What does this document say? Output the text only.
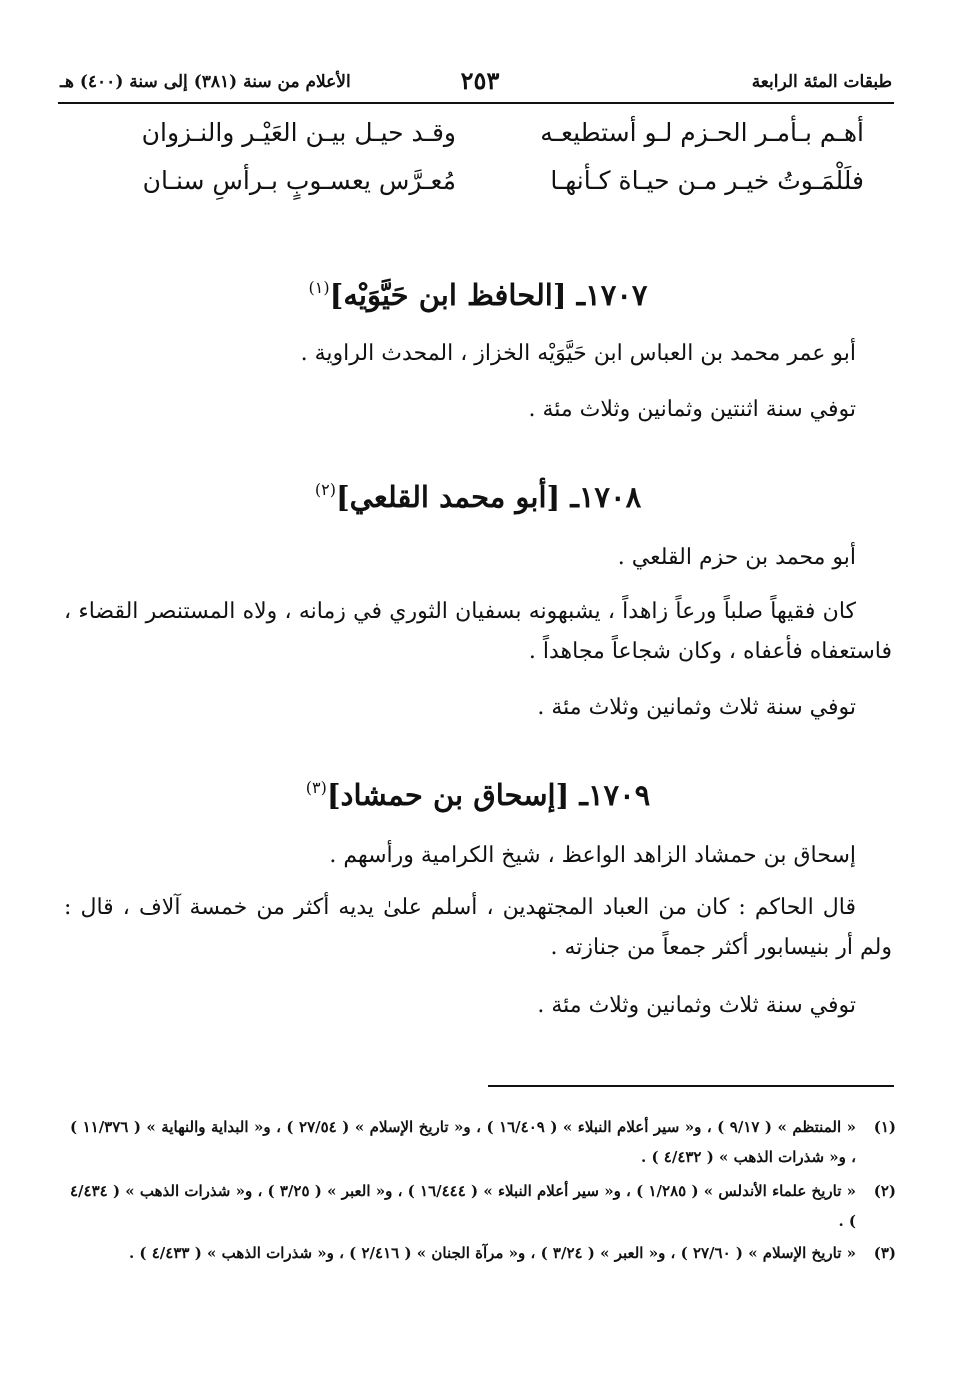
طبقات المئة الرابعة
٢٥٣
الأعلام من سنة (٣٨١) إلى سنة (٤٠٠) هـ
أهـم بـأمـر الحـزم لـو أستطيعـه
وقـد حيـل بيـن العَيْـر والنـزوان
فلَلْمَـوتُ خيـر مـن حيـاة كـأنهـا
مُعـرَّس يعسـوبٍ بـرأسِ سنـان
١٧٠٧ـ [الحافظ ابن حَيَّوَيْه]$^{(١)}$
أبو عمر محمد بن العباس ابن حَيَّوَيْه الخزاز ، المحدث الراوية .
توفي سنة اثنتين وثمانين وثلاث مئة .
١٧٠٨ـ [أبو محمد القلعي]$^{(٢)}$
أبو محمد بن حزم القلعي .
كان فقيهاً صلباً ورعاً زاهداً ، يشبهونه بسفيان الثوري في زمانه ، ولاه المستنصر القضاء ، فاستعفاه فأعفاه ، وكان شجاعاً مجاهداً .
توفي سنة ثلاث وثمانين وثلاث مئة .
١٧٠٩ـ [إسحاق بن حمشاد]$^{(٣)}$
إسحاق بن حمشاد الزاهد الواعظ ، شيخ الكرامية ورأسهم .
قال الحاكم : كان من العباد المجتهدين ، أسلم علىٰ يديه أكثر من خمسة آلاف ، قال : ولم أر بنيسابور أكثر جمعاً من جنازته .
توفي سنة ثلاث وثمانين وثلاث مئة .
(١)
« المنتظم » ( ٩/١٧ ) ، و« سير أعلام النبلاء » ( ١٦/٤٠٩ ) ، و« تاريخ الإسلام » ( ٢٧/٥٤ ) ، و« البداية والنهاية » ( ١١/٣٧٦ ) ، و« شذرات الذهب » ( ٤/٤٣٢ ) .
(٢)
« تاريخ علماء الأندلس » ( ١/٢٨٥ ) ، و« سير أعلام النبلاء » ( ١٦/٤٤٤ ) ، و« العبر » ( ٣/٢٥ ) ، و« شذرات الذهب » ( ٤/٤٣٤ ) .
(٣)
« تاريخ الإسلام » ( ٢٧/٦٠ ) ، و« العبر » ( ٣/٢٤ ) ، و« مرآة الجنان » ( ٢/٤١٦ ) ، و« شذرات الذهب » ( ٤/٤٣٣ ) .
